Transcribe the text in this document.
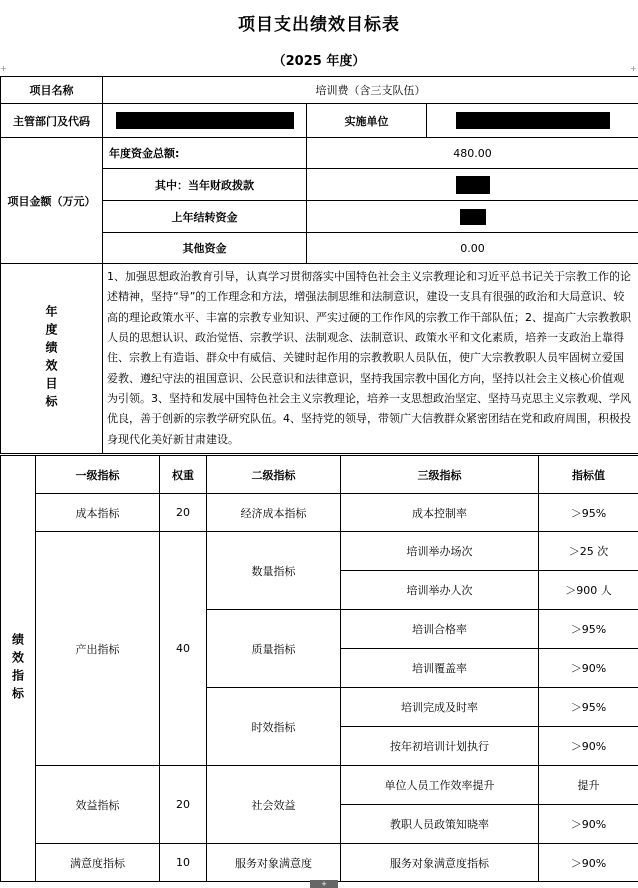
项目支出绩效目标表
（2025 年度）
+	+
项目名称	培训费（含三支队伍）		
主管部门及代码		实施单位	
项目金额（万元）	年度资金总额:	480.00	
	其中：当年财政拨款		
	上年结转资金		
	其他资金	0.00	

年度绩效目标	1、加强思想政治教育引导，认真学习贯彻落实中国特色社会主义宗教理论和习近平总书记关于宗教工作的论述精神，坚持“导”的工作理念和方法，增强法制思维和法制意识，建设一支具有很强的政治和大局意识、较高的理论政策水平、丰富的宗教专业知识、严实过硬的工作作风的宗教工作干部队伍；2、提高广大宗教教职人员的思想认识、政治觉悟、宗教学识、法制观念、法制意识、政策水平和文化素质，培养一支政治上靠得住、宗教上有造诣、群众中有威信、关键时起作用的宗教教职人员队伍，使广大宗教教职人员牢固树立爱国爱教、遵纪守法的祖国意识、公民意识和法律意识，坚持我国宗教中国化方向，坚持以社会主义核心价值观为引领。3、坚持和发展中国特色社会主义宗教理论，培养一支思想政治坚定、坚持马克思主义宗教观、学风优良，善于创新的宗教学研究队伍。4、坚持党的领导，带领广大信教群众紧密团结在党和政府周围，积极投身现代化美好新甘肃建设。		
绩效指标	一级指标	权重	二级指标	三级指标	指标值
	成本指标	20	经济成本指标	成本控制率	＞95%
	产出指标	40	数量指标	培训举办场次	＞25 次
				培训举办人次	＞900 人
			质量指标	培训合格率	＞95%
				培训覆盖率	＞90%
			时效指标	培训完成及时率	＞95%
				按年初培训计划执行	＞90%
	效益指标	20	社会效益	单位人员工作效率提升	提升
				教职人员政策知晓率	＞90%
	满意度指标	10	服务对象满意度	服务对象满意度指标	＞90%
+
